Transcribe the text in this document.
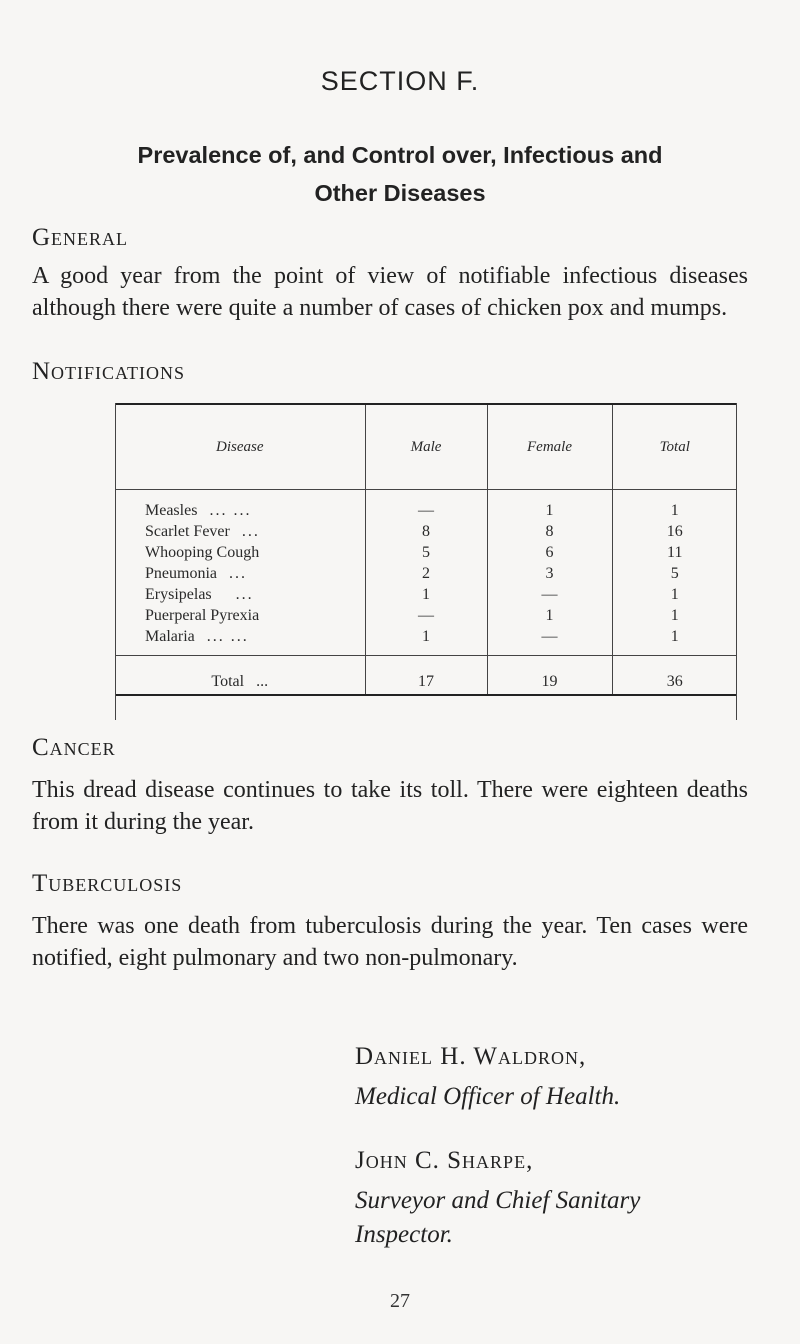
SECTION F.
Prevalence of, and Control over, Infectious and
Other Diseases
General
A good year from the point of view of notifiable infectious diseases although there were quite a number of cases of chicken pox and mumps.
Notifications
Disease	Male	Female	Total
Measles ... ...	—	1	1
Scarlet Fever ...	8	8	16
Whooping Cough	5	6	11
Pneumonia ...	2	3	5
Erysipelas ...	1	—	1
Puerperal Pyrexia	—	1	1
Malaria ... ...	1	—	1
Total ...	17	19	36
Cancer
This dread disease continues to take its toll. There were eighteen deaths from it during the year.
Tuberculosis
There was one death from tuberculosis during the year. Ten cases were notified, eight pulmonary and two non-pulmonary.
Daniel H. Waldron,
Medical Officer of Health.
John C. Sharpe,
Surveyor and Chief Sanitary
Inspector.
27
